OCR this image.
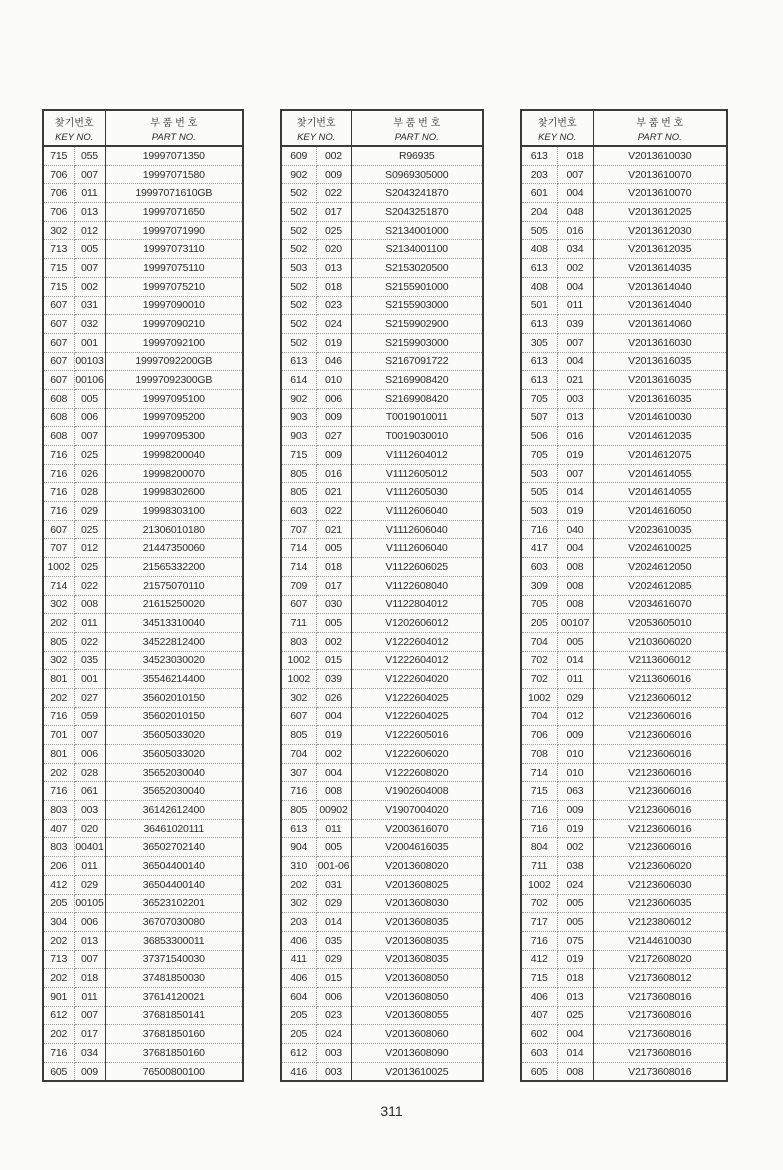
찾기번호		부 품 번 호
KEY NO.		PART NO.
715	055	19997071350
706	007	19997071580
706	011	19997071610GB
706	013	19997071650
302	012	19997071990
713	005	19997073110
715	007	19997075110
715	002	19997075210
607	031	19997090010
607	032	19997090210
607	001	19997092100
607	00103	19997092200GB
607	00106	19997092300GB
608	005	19997095100
608	006	19997095200
608	007	19997095300
716	025	19998200040
716	026	19998200070
716	028	19998302600
716	029	19998303100
607	025	21306010180
707	012	21447350060
1002	025	21565332200
714	022	21575070110
302	008	21615250020
202	011	34513310040
805	022	34522812400
302	035	34523030020
801	001	35546214400
202	027	35602010150
716	059	35602010150
701	007	35605033020
801	006	35605033020
202	028	35652030040
716	061	35652030040
803	003	36142612400
407	020	36461020111
803	00401	36502702140
206	011	36504400140
412	029	36504400140
205	00105	36523102201
304	006	36707030080
202	013	36853300011
713	007	37371540030
202	018	37481850030
901	011	37614120021
612	007	37681850141
202	017	37681850160
716	034	37681850160
605	009	76500800100
찾기번호		부 품 번 호
KEY NO.		PART NO.
609	002	R96935
902	009	S0969305000
502	022	S2043241870
502	017	S2043251870
502	025	S2134001000
502	020	S2134001100
503	013	S2153020500
502	018	S2155901000
502	023	S2155903000
502	024	S2159902900
502	019	S2159903000
613	046	S2167091722
614	010	S2169908420
902	006	S2169908420
903	009	T0019010011
903	027	T0019030010
715	009	V1112604012
805	016	V1112605012
805	021	V1112605030
603	022	V1112606040
707	021	V1112606040
714	005	V1112606040
714	018	V1122606025
709	017	V1122608040
607	030	V1122804012
711	005	V1202606012
803	002	V1222604012
1002	015	V1222604012
1002	039	V1222604020
302	026	V1222604025
607	004	V1222604025
805	019	V1222605016
704	002	V1222606020
307	004	V1222608020
716	008	V1902604008
805	00902	V1907004020
613	011	V2003616070
904	005	V2004616035
310	001-06	V2013608020
202	031	V2013608025
302	029	V2013608030
203	014	V2013608035
406	035	V2013608035
411	029	V2013608035
406	015	V2013608050
604	006	V2013608050
205	023	V2013608055
205	024	V2013608060
612	003	V2013608090
416	003	V2013610025
찾기번호		부 품 번 호
KEY NO.		PART NO.
613	018	V2013610030
203	007	V2013610070
601	004	V2013610070
204	048	V2013612025
505	016	V2013612030
408	034	V2013612035
613	002	V2013614035
408	004	V2013614040
501	011	V2013614040
613	039	V2013614060
305	007	V2013616030
613	004	V2013616035
613	021	V2013616035
705	003	V2013616035
507	013	V2014610030
506	016	V2014612035
705	019	V2014612075
503	007	V2014614055
505	014	V2014614055
503	019	V2014616050
716	040	V2023610035
417	004	V2024610025
603	008	V2024612050
309	008	V2024612085
705	008	V2034616070
205	00107	V2053605010
704	005	V2103606020
702	014	V2113606012
702	011	V2113606016
1002	029	V2123606012
704	012	V2123606016
706	009	V2123606016
708	010	V2123606016
714	010	V2123606016
715	063	V2123606016
716	009	V2123606016
716	019	V2123606016
804	002	V2123606016
711	038	V2123606020
1002	024	V2123606030
702	005	V2123606035
717	005	V2123806012
716	075	V2144610030
412	019	V2172608020
715	018	V2173608012
406	013	V2173608016
407	025	V2173608016
602	004	V2173608016
603	014	V2173608016
605	008	V2173608016
311
